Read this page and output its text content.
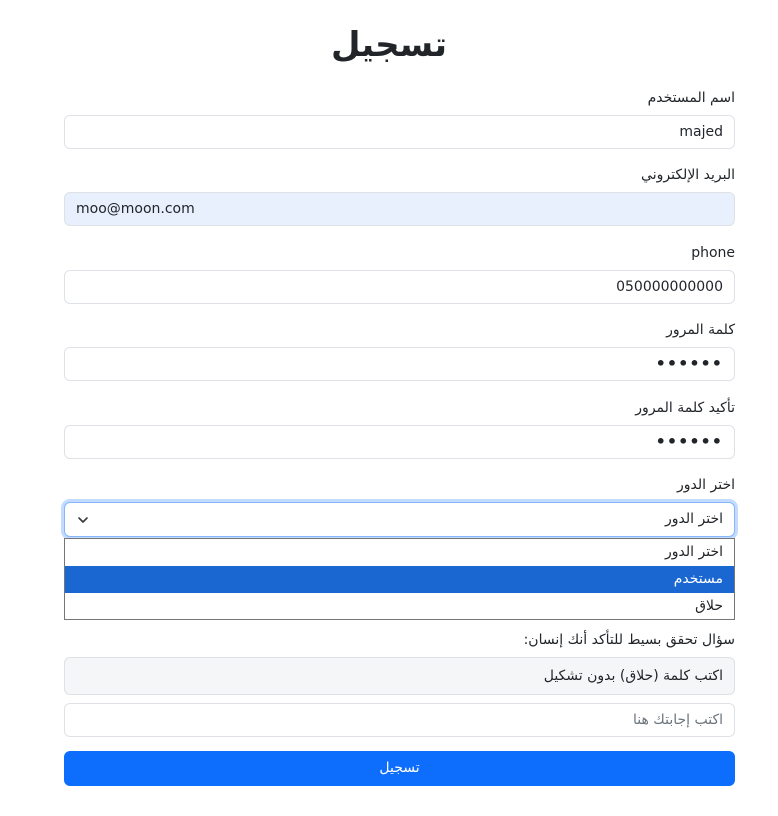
تسجيل
اسم المستخدم
majed
البريد الإلكتروني
moo@moon.com
phone
050000000000
كلمة المرور
••••••
تأكيد كلمة المرور
••••••
اختر الدور
اختر الدور
اختر الدور
مستخدم
حلاق
سؤال تحقق بسيط للتأكد أنك إنسان:
اكتب كلمة (حلاق) بدون تشكيل
اكتب إجابتك هنا
تسجيل
